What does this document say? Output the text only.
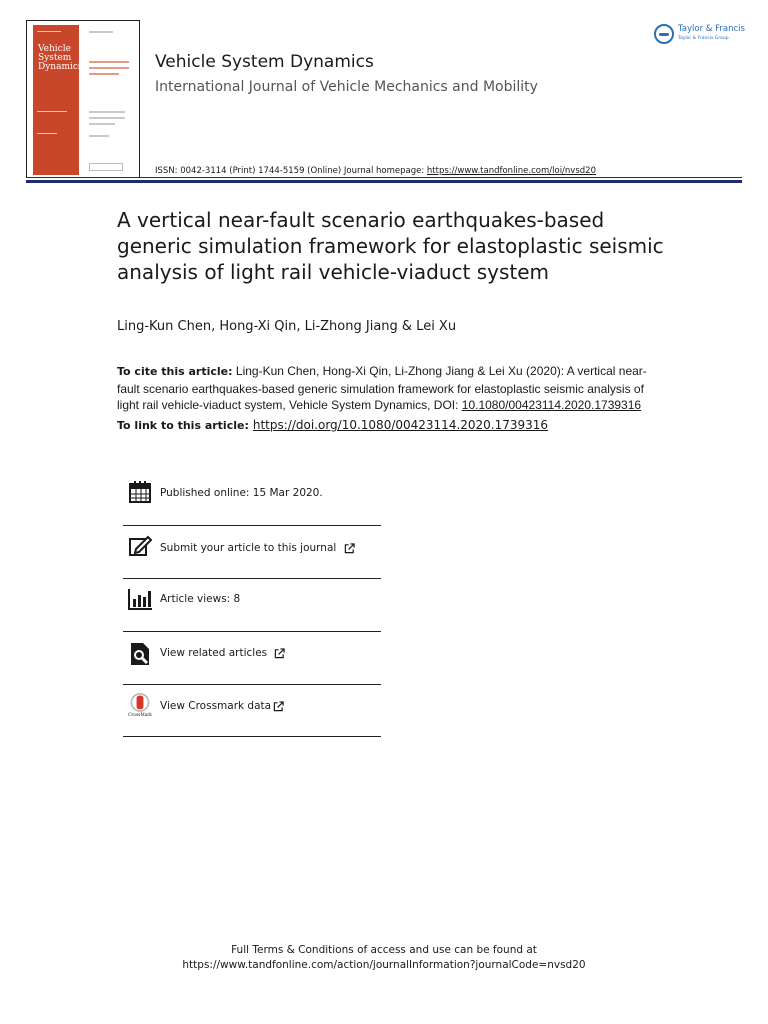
Vehicle System Dynamics	Vehicle System Dynamics
International Journal of Vehicle Mechanics and Mobility
ISSN: 0042-3114 (Print) 1744-5159 (Online) Journal homepage: https://www.tandfonline.com/loi/nvsd20
Taylor & Francis
Taylor & Francis Group
A vertical near-fault scenario earthquakes-based generic simulation framework for elastoplastic seismic analysis of light rail vehicle-viaduct system
Ling-Kun Chen, Hong-Xi Qin, Li-Zhong Jiang & Lei Xu
To cite this article: Ling-Kun Chen, Hong-Xi Qin, Li-Zhong Jiang & Lei Xu (2020): A vertical near-fault scenario earthquakes-based generic simulation framework for elastoplastic seismic analysis of light rail vehicle-viaduct system, Vehicle System Dynamics, DOI: 10.1080/00423114.2020.1739316
To link to this article: https://doi.org/10.1080/00423114.2020.1739316
Published online: 15 Mar 2020.
Submit your article to this journal
Article views: 8
View related articles
CrossMark
View Crossmark data
Full Terms & Conditions of access and use can be found at
https://www.tandfonline.com/action/journalInformation?journalCode=nvsd20
